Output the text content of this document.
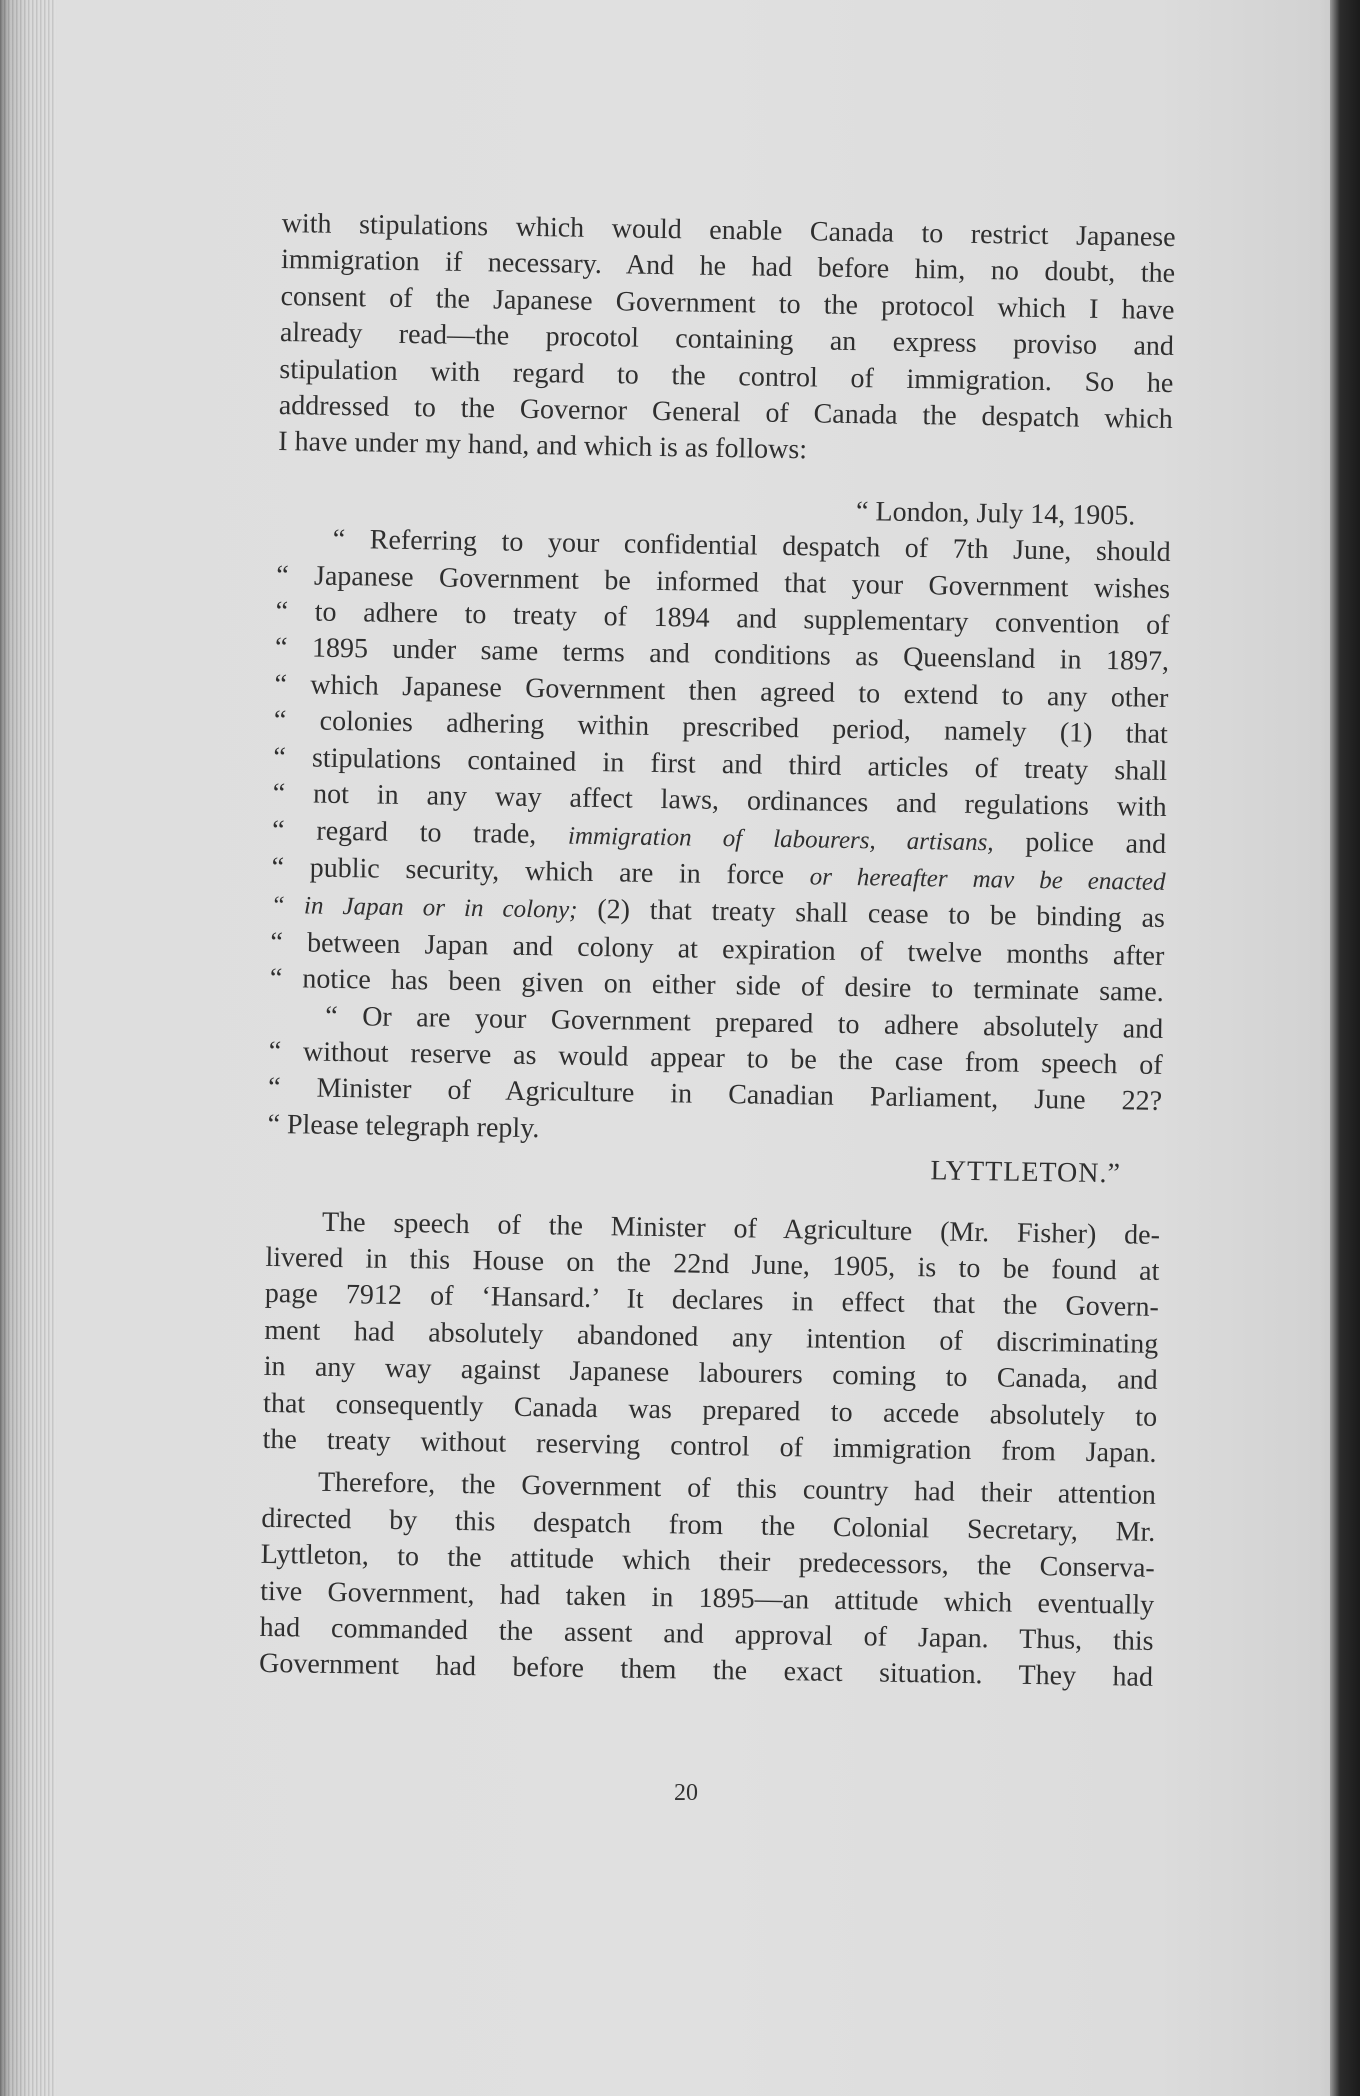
with stipulations which would enable Canada to restrict Japanese
immigration if necessary. And he had before him, no doubt, the
consent of the Japanese Government to the protocol which I have
already read—the procotol containing an express proviso and
stipulation with regard to the control of immigration. So he
addressed to the Governor General of Canada the despatch which
I have under my hand, and which is as follows:
“ London, July 14, 1905.
“ Referring to your confidential despatch of 7th June, should
“ Japanese Government be informed that your Government wishes
“ to adhere to treaty of 1894 and supplementary convention of
“ 1895 under same terms and conditions as Queensland in 1897,
“ which Japanese Government then agreed to extend to any other
“ colonies adhering within prescribed period, namely (1) that
“ stipulations contained in first and third articles of treaty shall
“ not in any way affect laws, ordinances and regulations with
“ regard to trade, immigration of labourers, artisans, police and
“ public security, which are in force or hereafter mav be enacted
“ in Japan or in colony; (2) that treaty shall cease to be binding as
“ between Japan and colony at expiration of twelve months after
“ notice has been given on either side of desire to terminate same.
“ Or are your Government prepared to adhere absolutely and
“ without reserve as would appear to be the case from speech of
“ Minister of Agriculture in Canadian Parliament, June 22?
“ Please telegraph reply.
LYTTLETON.”
The speech of the Minister of Agriculture (Mr. Fisher) de-
livered in this House on the 22nd June, 1905, is to be found at
page 7912 of ‘Hansard.’ It declares in effect that the Govern-
ment had absolutely abandoned any intention of discriminating
in any way against Japanese labourers coming to Canada, and
that consequently Canada was prepared to accede absolutely to
the treaty without reserving control of immigration from Japan.
Therefore, the Government of this country had their attention
directed by this despatch from the Colonial Secretary, Mr.
Lyttleton, to the attitude which their predecessors, the Conserva-
tive Government, had taken in 1895—an attitude which eventually
had commanded the assent and approval of Japan. Thus, this
Government had before them the exact situation. They had
20
